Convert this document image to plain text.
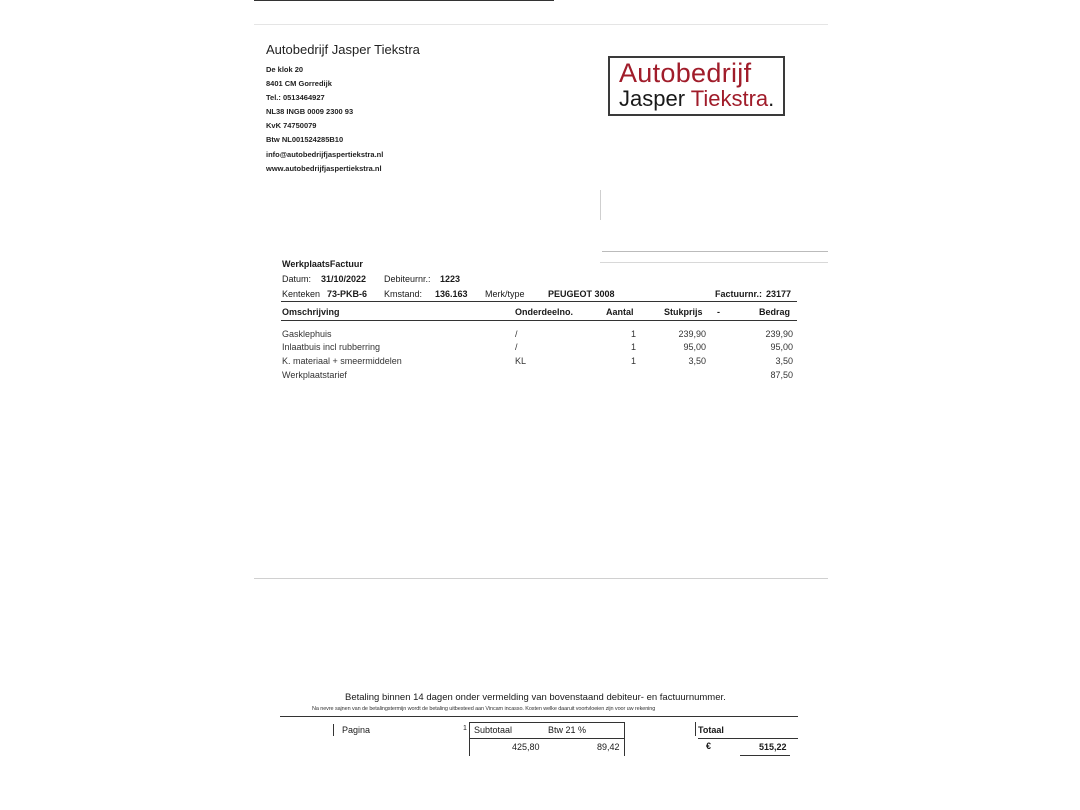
Autobedrijf Jasper Tiekstra
De klok 20
8401 CM Gorredijk
Tel.: 0513464927
NL38 INGB 0009 2300 93
KvK 74750079
Btw NL001524285B10
info@autobedrijfjaspertiekstra.nl
www.autobedrijfjaspertiekstra.nl
Autobedrijf
Jasper Tiekstra.
WerkplaatsFactuur
Datum: 31/10/2022 Debiteurnr.: 1223
Kenteken 73-PKB-6 Kmstand: 136.163 Merk/type	PEUGEOT 3008	Factuurnr.: 23177
Omschrijving	Onderdeelno.	Aantal	Stukprijs -	Bedrag
Gasklephuis	/	1	239,90	239,90
Inlaatbuis incl rubberring	/	1	95,00	95,00
K. materiaal + smeermiddelen	KL	1	3,50	3,50
Werkplaatstarief	87,50
Betaling binnen 14 dagen onder vermelding van bovenstaand debiteur- en factuurnummer.
Na nevre sajnen van de betalingstermijn wordt de betaling uitbesteed aan Vincam incasso. Kosten welke daaruit voortvloeien zijn voor uw rekening
Pagina	1 Subtotaal	Btw 21 %
425,80	89,42
Totaal
€	515,22
